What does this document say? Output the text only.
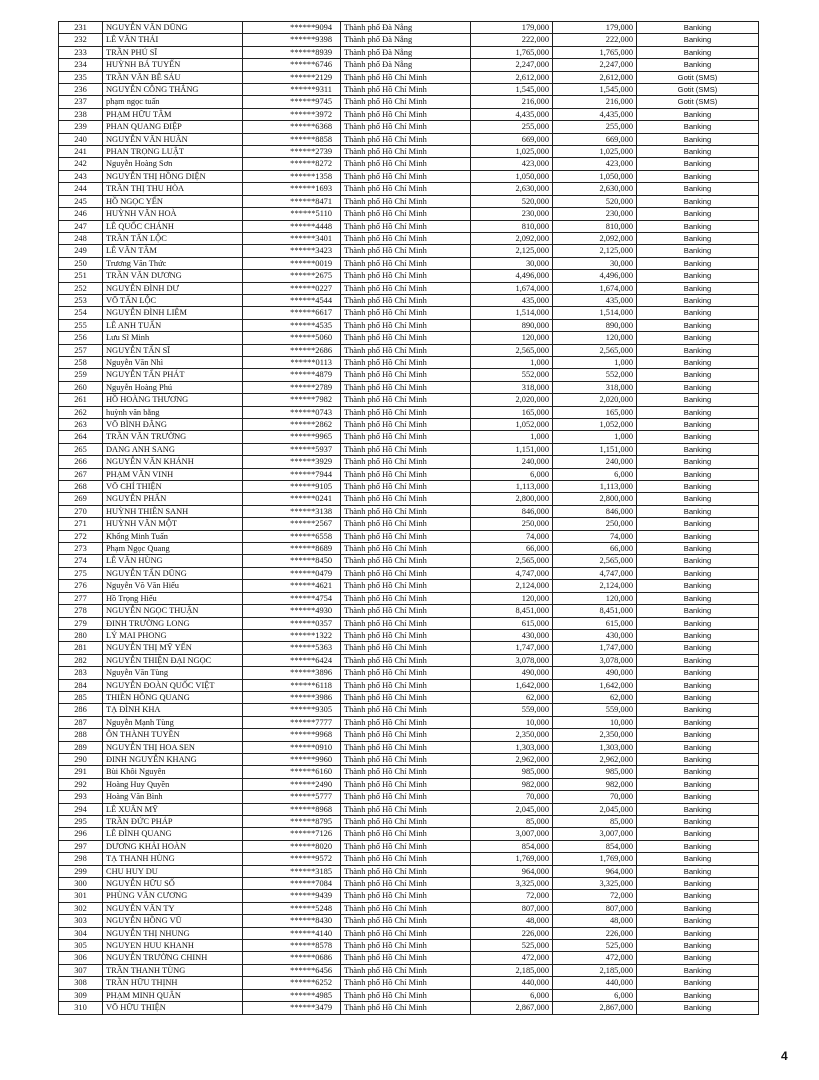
231	NGUYỄN VĂN DŨNG	******9094	Thành phố Đà Nẵng	179,000	179,000	Banking
232	LÊ VĂN THÁI	******9398	Thành phố Đà Nẵng	222,000	222,000	Banking
233	TRẦN PHÚ SĨ	******8939	Thành phố Đà Nẵng	1,765,000	1,765,000	Banking
234	HUỲNH BÁ TUYẾN	******6746	Thành phố Đà Nẵng	2,247,000	2,247,000	Banking
235	TRẦN VĂN BÊ SÁU	******2129	Thành phố Hồ Chí Minh	2,612,000	2,612,000	Gotit (SMS)
236	NGUYỄN CÔNG THẮNG	******9311	Thành phố Hồ Chí Minh	1,545,000	1,545,000	Gotit (SMS)
237	phạm ngọc tuấn	******9745	Thành phố Hồ Chí Minh	216,000	216,000	Gotit (SMS)
238	PHẠM HỮU TÂM	******3972	Thành phố Hồ Chí Minh	4,435,000	4,435,000	Banking
239	PHAN QUANG ĐIỆP	******6368	Thành phố Hồ Chí Minh	255,000	255,000	Banking
240	NGUYỄN VĂN HUÂN	******8858	Thành phố Hồ Chí Minh	669,000	669,000	Banking
241	PHAN TRỌNG LUẬT	******2739	Thành phố Hồ Chí Minh	1,025,000	1,025,000	Banking
242	Nguyễn Hoàng Sơn	******8272	Thành phố Hồ Chí Minh	423,000	423,000	Banking
243	NGUYỄN THỊ HỒNG DIỆN	******1358	Thành phố Hồ Chí Minh	1,050,000	1,050,000	Banking
244	TRẦN THỊ THU HÒA	******1693	Thành phố Hồ Chí Minh	2,630,000	2,630,000	Banking
245	HỒ NGỌC YẾN	******8471	Thành phố Hồ Chí Minh	520,000	520,000	Banking
246	HUỲNH VĂN HOÀ	******5110	Thành phố Hồ Chí Minh	230,000	230,000	Banking
247	LÊ QUỐC CHÁNH	******4448	Thành phố Hồ Chí Minh	810,000	810,000	Banking
248	TRẦN TẤN LỘC	******3401	Thành phố Hồ Chí Minh	2,092,000	2,092,000	Banking
249	LÊ VĂN TÂM	******3423	Thành phố Hồ Chí Minh	2,125,000	2,125,000	Banking
250	Trương Văn Thức	******0019	Thành phố Hồ Chí Minh	30,000	30,000	Banking
251	TRẦN VĂN DƯƠNG	******2675	Thành phố Hồ Chí Minh	4,496,000	4,496,000	Banking
252	NGUYỄN ĐÌNH DƯ	******0227	Thành phố Hồ Chí Minh	1,674,000	1,674,000	Banking
253	VÕ TẤN LỘC	******4544	Thành phố Hồ Chí Minh	435,000	435,000	Banking
254	NGUYỄN ĐÌNH LIÊM	******6617	Thành phố Hồ Chí Minh	1,514,000	1,514,000	Banking
255	LÊ ANH TUẤN	******4535	Thành phố Hồ Chí Minh	890,000	890,000	Banking
256	Lưu Sĩ Minh	******5060	Thành phố Hồ Chí Minh	120,000	120,000	Banking
257	NGUYỄN TẤN SĨ	******2686	Thành phố Hồ Chí Minh	2,565,000	2,565,000	Banking
258	Nguyễn Văn Nhì	******0113	Thành phố Hồ Chí Minh	1,000	1,000	Banking
259	NGUYỄN TẤN PHÁT	******4879	Thành phố Hồ Chí Minh	552,000	552,000	Banking
260	Nguyễn Hoàng Phú	******2789	Thành phố Hồ Chí Minh	318,000	318,000	Banking
261	HỒ HOÀNG THƯƠNG	******7982	Thành phố Hồ Chí Minh	2,020,000	2,020,000	Banking
262	huỳnh văn bằng	******0743	Thành phố Hồ Chí Minh	165,000	165,000	Banking
263	VÕ BÌNH ĐẲNG	******2862	Thành phố Hồ Chí Minh	1,052,000	1,052,000	Banking
264	TRẦN VĂN TRƯỜNG	******9965	Thành phố Hồ Chí Minh	1,000	1,000	Banking
265	DANG ANH SANG	******5937	Thành phố Hồ Chí Minh	1,151,000	1,151,000	Banking
266	NGUYỄN VĂN KHÁNH	******3929	Thành phố Hồ Chí Minh	240,000	240,000	Banking
267	PHẠM VĂN VINH	******7944	Thành phố Hồ Chí Minh	6,000	6,000	Banking
268	VÕ CHÍ THIỆN	******9105	Thành phố Hồ Chí Minh	1,113,000	1,113,000	Banking
269	NGUYỄN PHẤN	******0241	Thành phố Hồ Chí Minh	2,800,000	2,800,000	Banking
270	HUỲNH THIÊN SANH	******3138	Thành phố Hồ Chí Minh	846,000	846,000	Banking
271	HUỲNH VĂN MỘT	******2567	Thành phố Hồ Chí Minh	250,000	250,000	Banking
272	Khổng Minh Tuấn	******6558	Thành phố Hồ Chí Minh	74,000	74,000	Banking
273	Phạm Ngọc Quang	******8689	Thành phố Hồ Chí Minh	66,000	66,000	Banking
274	LÊ VĂN HÙNG	******8450	Thành phố Hồ Chí Minh	2,565,000	2,565,000	Banking
275	NGUYỄN TẤN DŨNG	******0479	Thành phố Hồ Chí Minh	4,747,000	4,747,000	Banking
276	Nguyễn Võ Văn Hiếu	******4621	Thành phố Hồ Chí Minh	2,124,000	2,124,000	Banking
277	Hồ Trọng Hiếu	******4754	Thành phố Hồ Chí Minh	120,000	120,000	Banking
278	NGUYỄN NGỌC THUẬN	******4930	Thành phố Hồ Chí Minh	8,451,000	8,451,000	Banking
279	ĐINH TRƯỜNG LONG	******0357	Thành phố Hồ Chí Minh	615,000	615,000	Banking
280	LÝ MAI PHONG	******1322	Thành phố Hồ Chí Minh	430,000	430,000	Banking
281	NGUYỄN THỊ MỸ YẾN	******5363	Thành phố Hồ Chí Minh	1,747,000	1,747,000	Banking
282	NGUYỄN THIỆN ĐẠI NGỌC	******6424	Thành phố Hồ Chí Minh	3,078,000	3,078,000	Banking
283	Nguyễn Văn Tùng	******3896	Thành phố Hồ Chí Minh	490,000	490,000	Banking
284	NGUYỄN ĐOÀN QUỐC VIỆT	******6118	Thành phố Hồ Chí Minh	1,642,000	1,642,000	Banking
285	THIỀN HỒNG QUANG	******3986	Thành phố Hồ Chí Minh	62,000	62,000	Banking
286	TẠ ĐÌNH KHA	******9305	Thành phố Hồ Chí Minh	559,000	559,000	Banking
287	Nguyễn Mạnh Tùng	******7777	Thành phố Hồ Chí Minh	10,000	10,000	Banking
288	ÔN THÀNH TUYỀN	******9968	Thành phố Hồ Chí Minh	2,350,000	2,350,000	Banking
289	NGUYỄN THỊ HOA SEN	******0910	Thành phố Hồ Chí Minh	1,303,000	1,303,000	Banking
290	ĐINH NGUYỄN KHANG	******9960	Thành phố Hồ Chí Minh	2,962,000	2,962,000	Banking
291	Bùi Khôi Nguyên	******6160	Thành phố Hồ Chí Minh	985,000	985,000	Banking
292	Hoàng Huy Quyền	******2490	Thành phố Hồ Chí Minh	982,000	982,000	Banking
293	Hoàng Văn Bình	******5777	Thành phố Hồ Chí Minh	70,000	70,000	Banking
294	LÊ XUÂN MỸ	******8968	Thành phố Hồ Chí Minh	2,045,000	2,045,000	Banking
295	TRẦN ĐỨC PHÁP	******8795	Thành phố Hồ Chí Minh	85,000	85,000	Banking
296	LÊ ĐÌNH QUANG	******7126	Thành phố Hồ Chí Minh	3,007,000	3,007,000	Banking
297	DƯƠNG KHẢI HOÀN	******8020	Thành phố Hồ Chí Minh	854,000	854,000	Banking
298	TẠ THANH HÙNG	******9572	Thành phố Hồ Chí Minh	1,769,000	1,769,000	Banking
299	CHU HUY DU	******3185	Thành phố Hồ Chí Minh	964,000	964,000	Banking
300	NGUYỄN HỮU SỐ	******7084	Thành phố Hồ Chí Minh	3,325,000	3,325,000	Banking
301	PHÙNG VĂN CƯƠNG	******9439	Thành phố Hồ Chí Minh	72,000	72,000	Banking
302	NGUYỄN VĂN TY	******5248	Thành phố Hồ Chí Minh	807,000	807,000	Banking
303	NGUYỄN HỒNG VŨ	******8430	Thành phố Hồ Chí Minh	48,000	48,000	Banking
304	NGUYỄN THỊ NHUNG	******4140	Thành phố Hồ Chí Minh	226,000	226,000	Banking
305	NGUYEN HUU KHANH	******8578	Thành phố Hồ Chí Minh	525,000	525,000	Banking
306	NGUYỄN TRƯỜNG CHINH	******0686	Thành phố Hồ Chí Minh	472,000	472,000	Banking
307	TRẦN THANH TÙNG	******6456	Thành phố Hồ Chí Minh	2,185,000	2,185,000	Banking
308	TRẦN HỮU THỊNH	******6252	Thành phố Hồ Chí Minh	440,000	440,000	Banking
309	PHẠM MINH QUÂN	******4985	Thành phố Hồ Chí Minh	6,000	6,000	Banking
310	VÕ HỮU THIỆN	******3479	Thành phố Hồ Chí Minh	2,867,000	2,867,000	Banking
4
